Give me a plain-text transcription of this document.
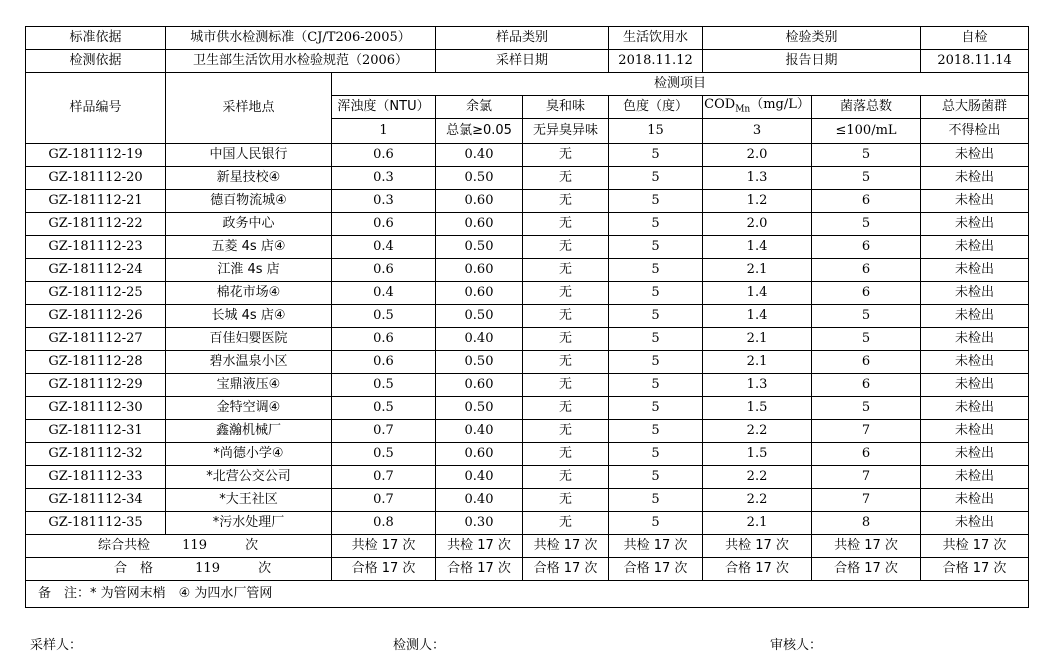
标准依据	城市供水检测标准（CJ/T206-2005）		样品类别		生活饮用水	检验类别		自检
检测依据	卫生部生活饮用水检验规范（2006）		采样日期		2018.11.12	报告日期		2018.11.14
样品编号	采样地点	检测项目						
		浑浊度（NTU）	余氯	臭和味	色度（度）	$COD_{Mn}(mg/L)$	菌落总数	总大肠菌群
		1	总氯≥0.05	无异臭异味	15	3	≤100/mL	不得检出
GZ-181112-19	中国人民银行	0.6	0.40	无	5	2.0	5	未检出
GZ-181112-20	新星技校④	0.3	0.50	无	5	1.3	5	未检出
GZ-181112-21	德百物流城④	0.3	0.60	无	5	1.2	6	未检出
GZ-181112-22	政务中心	0.6	0.60	无	5	2.0	5	未检出
GZ-181112-23	五菱 4s 店④	0.4	0.50	无	5	1.4	6	未检出
GZ-181112-24	江淮 4s 店	0.6	0.60	无	5	2.1	6	未检出
GZ-181112-25	棉花市场④	0.4	0.60	无	5	1.4	6	未检出
GZ-181112-26	长城 4s 店④	0.5	0.50	无	5	1.4	5	未检出
GZ-181112-27	百佳妇婴医院	0.6	0.40	无	5	2.1	5	未检出
GZ-181112-28	碧水温泉小区	0.6	0.50	无	5	2.1	6	未检出
GZ-181112-29	宝鼎液压④	0.5	0.60	无	5	1.3	6	未检出
GZ-181112-30	金特空调④	0.5	0.50	无	5	1.5	5	未检出
GZ-181112-31	鑫瀚机械厂	0.7	0.40	无	5	2.2	7	未检出
GZ-181112-32	*尚德小学④	0.5	0.60	无	5	1.5	6	未检出
GZ-181112-33	*北营公交公司	0.7	0.40	无	5	2.2	7	未检出
GZ-181112-34	*大王社区	0.7	0.40	无	5	2.2	7	未检出
GZ-181112-35	*污水处理厂	0.8	0.30	无	5	2.1	8	未检出
综合共检 119 次		共检 17 次	共检 17 次	共检 17 次	共检 17 次	共检 17 次	共检 17 次	共检 17 次
合　格 119 次		合格 17 次	合格 17 次	合格 17 次	合格 17 次	合格 17 次	合格 17 次	合格 17 次
备　注：* 为管网末梢　④ 为四水厂管网								
采样人：	检测人：	审核人：
